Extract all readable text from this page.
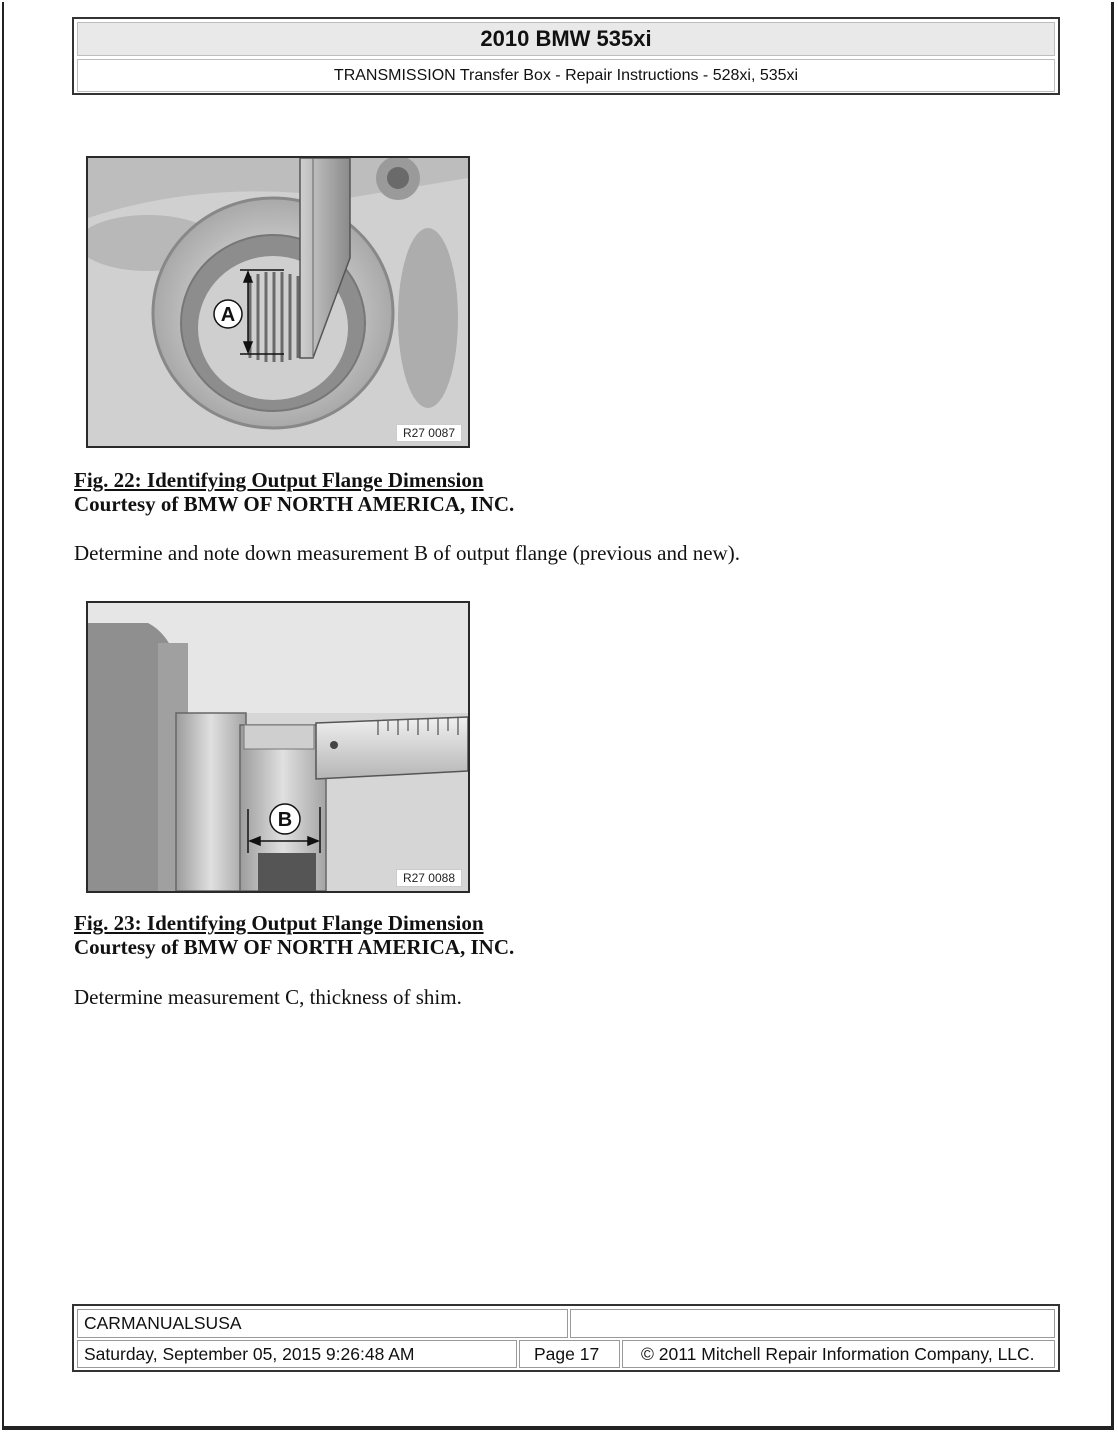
2010 BMW 535xi
TRANSMISSION Transfer Box - Repair Instructions - 528xi, 535xi
A
R27 0087
Fig. 22: Identifying Output Flange Dimension
Courtesy of BMW OF NORTH AMERICA, INC.
Determine and note down measurement B of output flange (previous and new).
B
R27 0088
Fig. 23: Identifying Output Flange Dimension
Courtesy of BMW OF NORTH AMERICA, INC.
Determine measurement C, thickness of shim.
CARMANUALSUSA
Saturday, September 05, 2015 9:26:48 AM	Page 17	© 2011 Mitchell Repair Information Company, LLC.
